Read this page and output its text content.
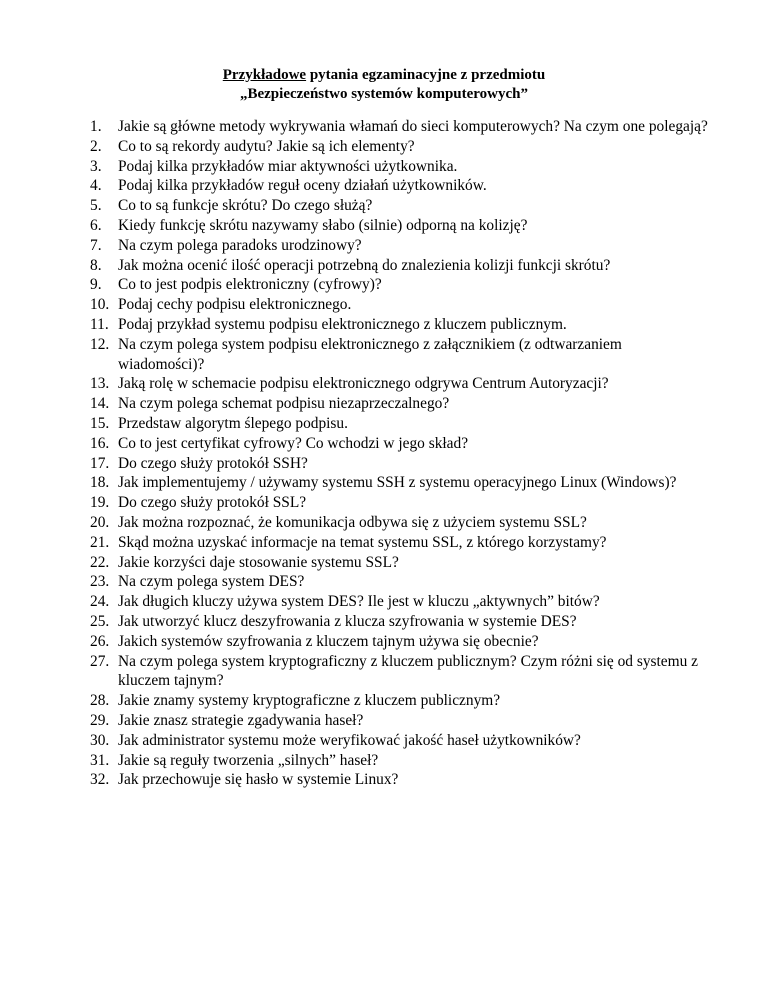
Przykładowe pytania egzaminacyjne z przedmiotu
„Bezpieczeństwo systemów komputerowych”
1.	Jakie są główne metody wykrywania włamań do sieci komputerowych? Na czym one polegają?
2.	Co to są rekordy audytu? Jakie są ich elementy?
3.	Podaj kilka przykładów miar aktywności użytkownika.
4.	Podaj kilka przykładów reguł oceny działań użytkowników.
5.	Co to są funkcje skrótu? Do czego służą?
6.	Kiedy funkcję skrótu nazywamy słabo (silnie) odporną na kolizję?
7.	Na czym polega paradoks urodzinowy?
8.	Jak można ocenić ilość operacji potrzebną do znalezienia kolizji funkcji skrótu?
9.	Co to jest podpis elektroniczny (cyfrowy)?
10. Podaj cechy podpisu elektronicznego.
11. Podaj przykład systemu podpisu elektronicznego z kluczem publicznym.
12. Na czym polega system podpisu elektronicznego z załącznikiem (z odtwarzaniem wiadomości)?
13. Jaką rolę w schemacie podpisu elektronicznego odgrywa Centrum Autoryzacji?
14. Na czym polega schemat podpisu niezaprzeczalnego?
15. Przedstaw algorytm ślepego podpisu.
16. Co to jest certyfikat cyfrowy? Co wchodzi w jego skład?
17. Do czego służy protokół SSH?
18. Jak implementujemy / używamy systemu SSH z systemu operacyjnego Linux (Windows)?
19. Do czego służy protokół SSL?
20. Jak można rozpoznać, że komunikacja odbywa się z użyciem systemu SSL?
21. Skąd można uzyskać informacje na temat systemu SSL, z którego korzystamy?
22. Jakie korzyści daje stosowanie systemu SSL?
23. Na czym polega system DES?
24. Jak długich kluczy używa system DES? Ile jest w kluczu „aktywnych” bitów?
25. Jak utworzyć klucz deszyfrowania z klucza szyfrowania w systemie DES?
26. Jakich systemów szyfrowania z kluczem tajnym używa się obecnie?
27. Na czym polega system kryptograficzny z kluczem publicznym? Czym różni się od systemu z kluczem tajnym?
28. Jakie znamy systemy kryptograficzne z kluczem publicznym?
29. Jakie znasz strategie zgadywania haseł?
30. Jak administrator systemu może weryfikować jakość haseł użytkowników?
31. Jakie są reguły tworzenia „silnych” haseł?
32. Jak przechowuje się hasło w systemie Linux?
